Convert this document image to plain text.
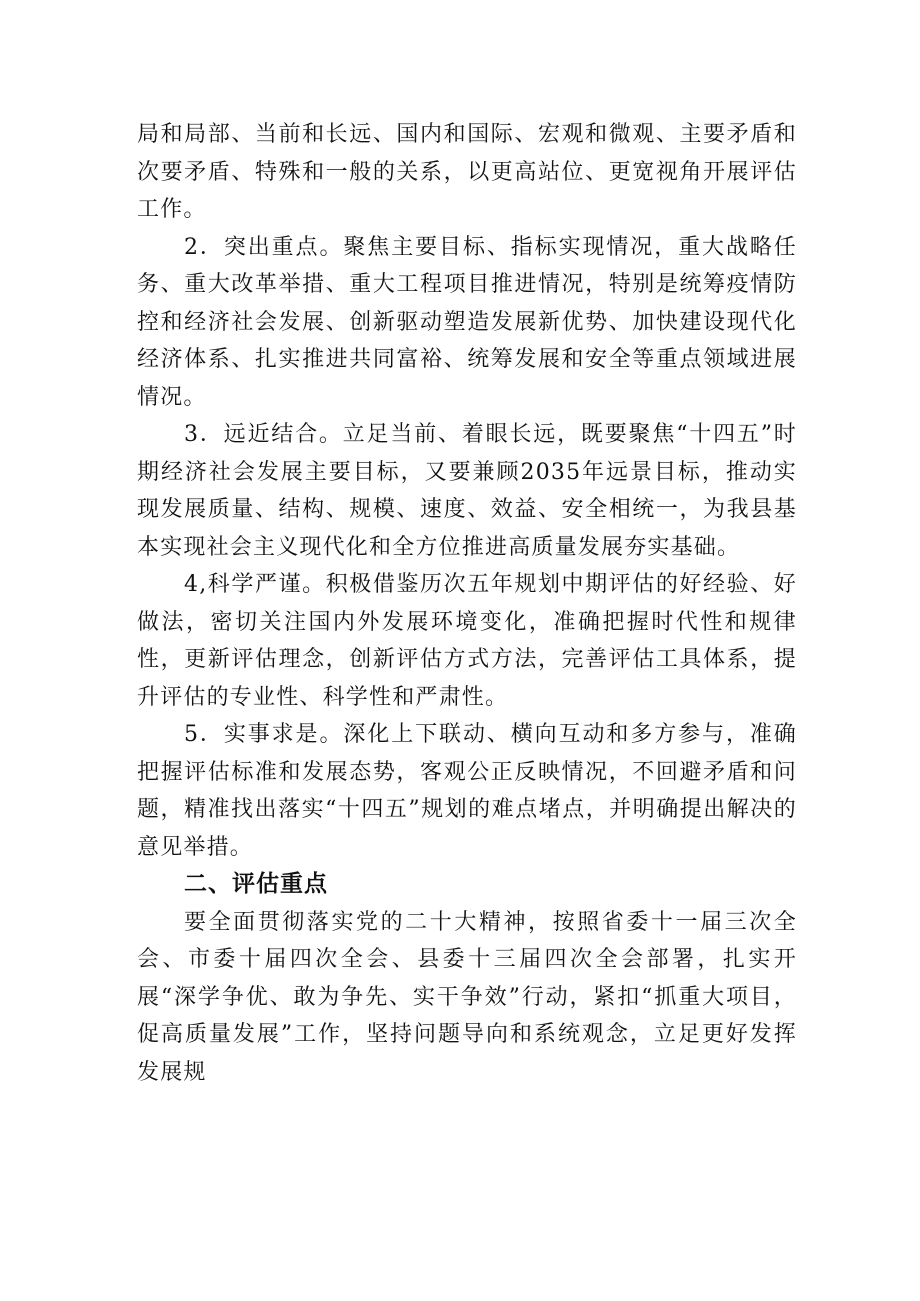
局和局部、当前和长远、国内和国际、宏观和微观、主要矛盾和次要矛盾、特殊和一般的关系，以更高站位、更宽视角开展评估工作。

2．突出重点。聚焦主要目标、指标实现情况，重大战略任务、重大改革举措、重大工程项目推进情况，特别是统筹疫情防控和经济社会发展、创新驱动塑造发展新优势、加快建设现代化经济体系、扎实推进共同富裕、统筹发展和安全等重点领域进展情况。

3．远近结合。立足当前、着眼长远，既要聚焦“十四五”时期经济社会发展主要目标，又要兼顾2035年远景目标，推动实现发展质量、结构、规模、速度、效益、安全相统一，为我县基本实现社会主义现代化和全方位推进高质量发展夯实基础。

4,科学严谨。积极借鉴历次五年规划中期评估的好经验、好做法，密切关注国内外发展环境变化，准确把握时代性和规律性，更新评估理念，创新评估方式方法，完善评估工具体系，提升评估的专业性、科学性和严肃性。

5．实事求是。深化上下联动、横向互动和多方参与，准确把握评估标准和发展态势，客观公正反映情况，不回避矛盾和问题，精准找出落实“十四五”规划的难点堵点，并明确提出解决的意见举措。

二、评估重点

要全面贯彻落实党的二十大精神，按照省委十一届三次全会、市委十届四次全会、县委十三届四次全会部署，扎实开展“深学争优、敢为争先、实干争效”行动，紧扣“抓重大项目，促高质量发展”工作，坚持问题导向和系统观念，立足更好发挥发展规
